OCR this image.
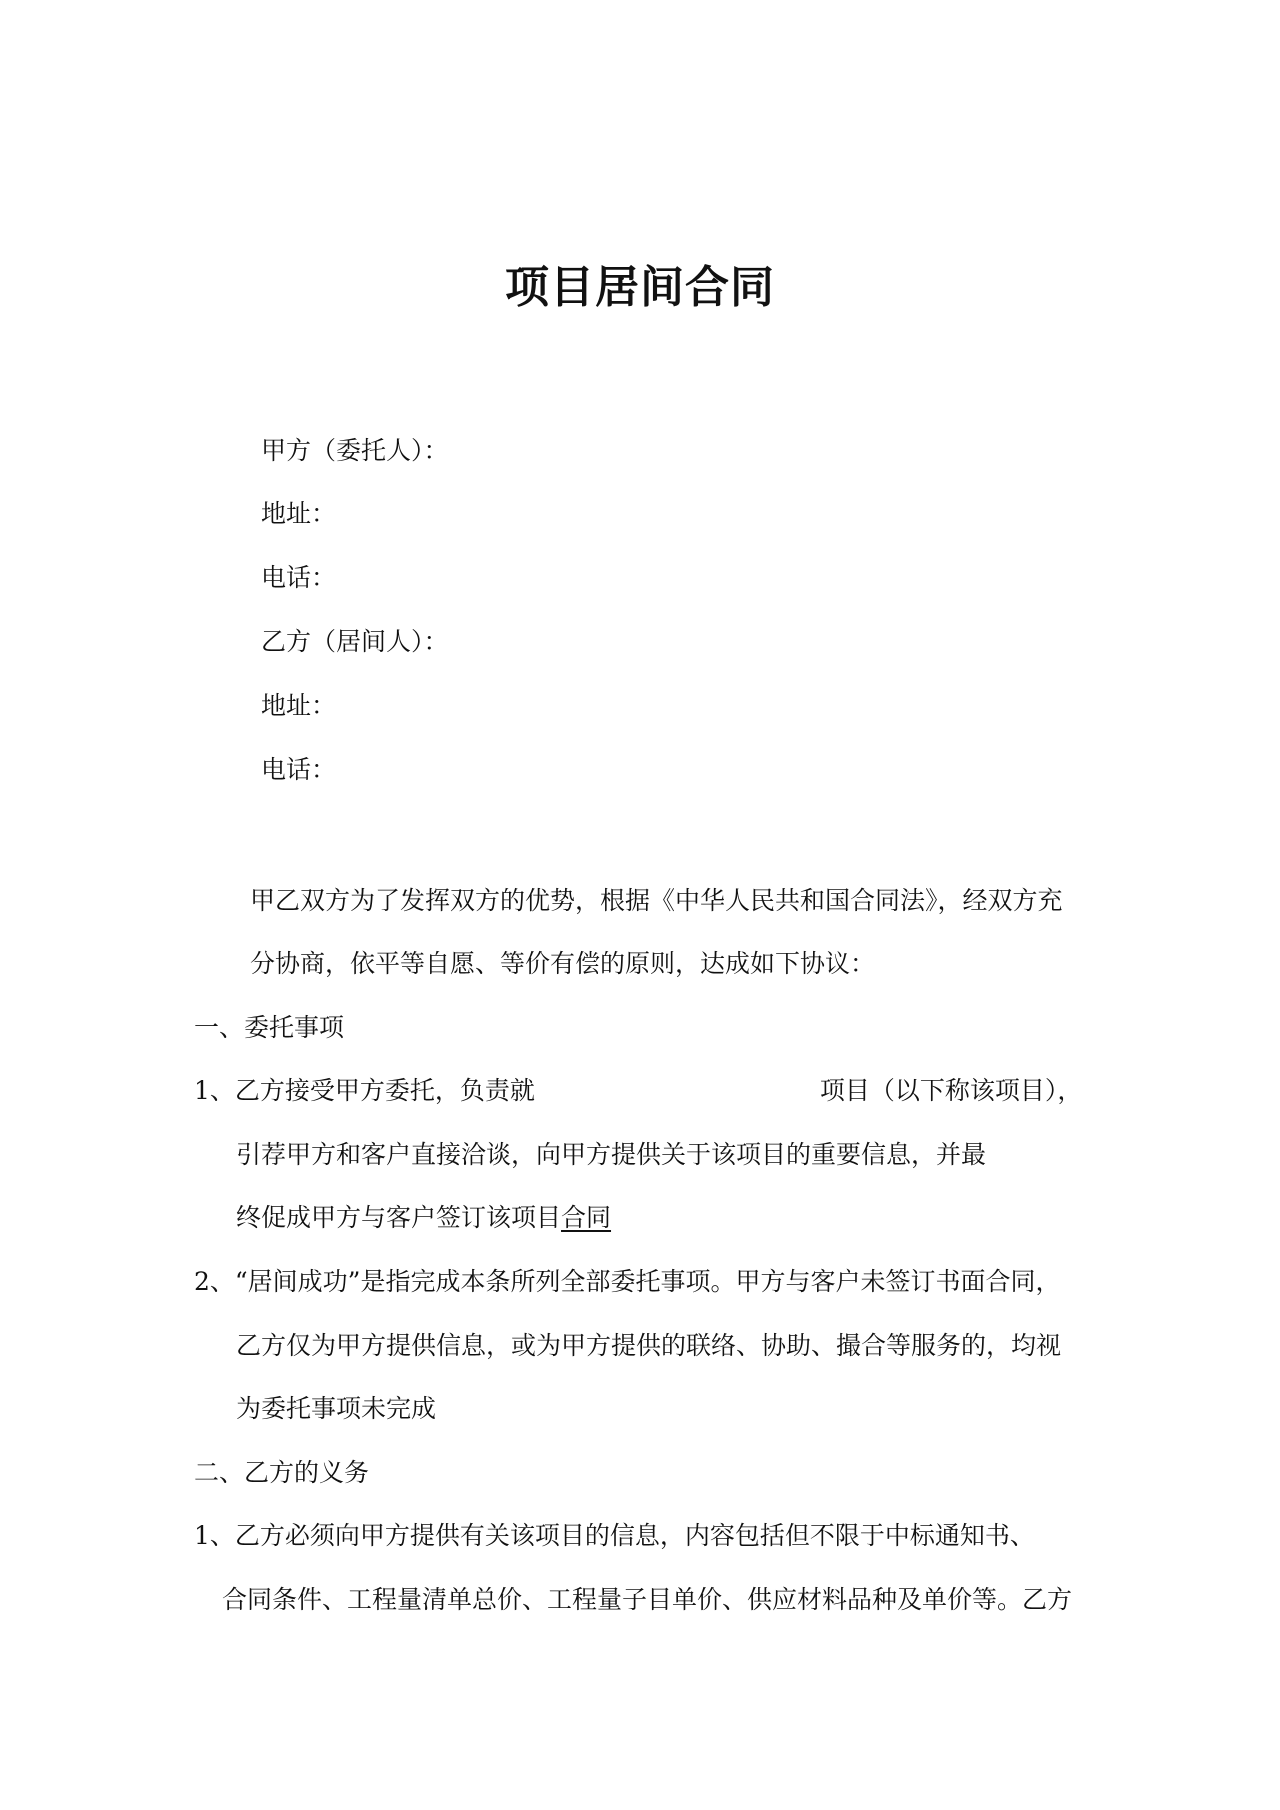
项目居间合同

甲方（委托人）：

地址：

电话：

乙方（居间人）：

地址：

电话：

甲乙双方为了发挥双方的优势，根据《中华人民共和国合同法》，经双方充

分协商，依平等自愿、等价有偿的原则，达成如下协议：

一、委托事项

1、乙方接受甲方委托，负责就	项目（以下称该项目），

引荐甲方和客户直接洽谈，向甲方提供关于该项目的重要信息，并最

终促成甲方与客户签订该项目合同

2、“居间成功”是指完成本条所列全部委托事项。甲方与客户未签订书面合同，

乙方仅为甲方提供信息，或为甲方提供的联络、协助、撮合等服务的，均视

为委托事项未完成

二、乙方的义务

1、乙方必须向甲方提供有关该项目的信息，内容包括但不限于中标通知书、

合同条件、工程量清单总价、工程量子目单价、供应材料品种及单价等。乙方
